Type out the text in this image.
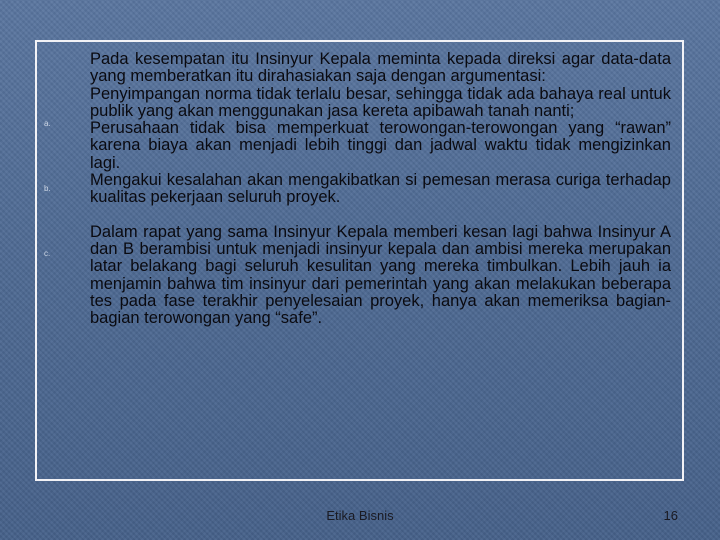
a.
b.
c.

Pada kesempatan itu Insinyur Kepala meminta kepada direksi agar data-data yang memberatkan itu dirahasiakan saja dengan argumentasi:

Penyimpangan norma tidak terlalu besar, sehingga tidak ada bahaya real untuk publik yang akan menggunakan jasa kereta apibawah tanah nanti;

Perusahaan tidak bisa memperkuat terowongan-terowongan yang “rawan” karena biaya akan menjadi lebih tinggi dan jadwal waktu tidak mengizinkan lagi.

Mengakui kesalahan akan mengakibatkan si pemesan merasa curiga terhadap kualitas pekerjaan seluruh proyek.

Dalam rapat yang sama Insinyur Kepala memberi kesan lagi bahwa Insinyur A dan B berambisi untuk menjadi insinyur kepala dan ambisi mereka merupakan latar belakang bagi seluruh kesulitan yang mereka timbulkan. Lebih jauh ia menjamin bahwa tim insinyur dari pemerintah yang akan melakukan beberapa tes pada fase terakhir penyelesaian proyek, hanya akan memeriksa bagian-bagian terowongan yang “safe”.

Etika Bisnis	16
